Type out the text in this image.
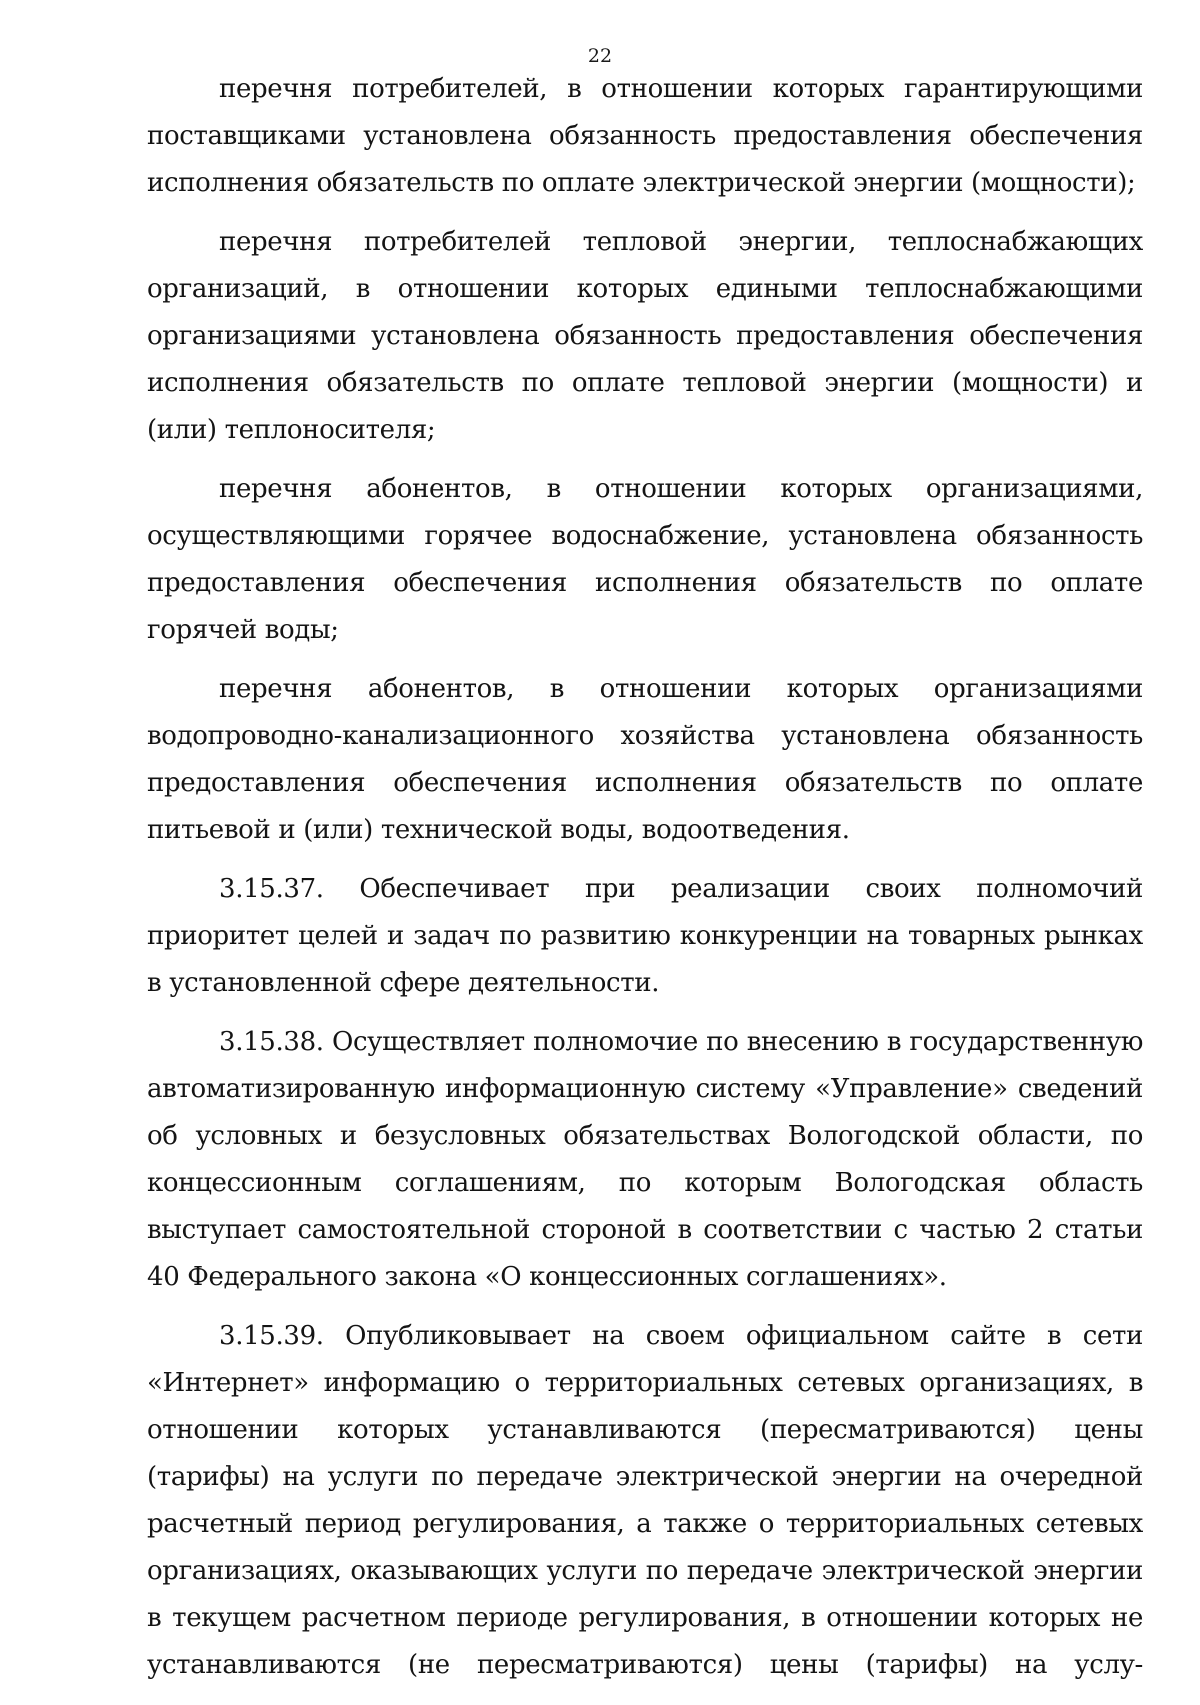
22

перечня потребителей, в отношении которых гарантирующими поставщиками установлена обязанность предоставления обеспечения исполнения обязательств по оплате электрической энергии (мощности);

перечня потребителей тепловой энергии, теплоснабжающих организаций, в отношении которых едиными теплоснабжающими организациями установлена обязанность предоставления обеспечения исполнения обязательств по оплате тепловой энергии (мощности) и (или) теплоносителя;

перечня абонентов, в отношении которых организациями, осуществляющими горячее водоснабжение, установлена обязанность предоставления обеспечения исполнения обязательств по оплате горячей воды;

перечня абонентов, в отношении которых организациями водопроводно-канализационного хозяйства установлена обязанность предоставления обеспечения исполнения обязательств по оплате питьевой и (или) технической воды, водоотведения.

3.15.37. Обеспечивает при реализации своих полномочий приоритет целей и задач по развитию конкуренции на товарных рынках в установленной сфере деятельности.

3.15.38. Осуществляет полномочие по внесению в государственную автоматизированную информационную систему «Управление» сведений об условных и безусловных обязательствах Вологодской области, по концессионным соглашениям, по которым Вологодская область выступает самостоятельной стороной в соответствии с частью 2 статьи 40 Федерального закона «О концессионных соглашениях».

3.15.39. Опубликовывает на своем официальном сайте в сети «Интернет» информацию о территориальных сетевых организациях, в отношении которых устанавливаются (пересматриваются) цены (тарифы) на услуги по передаче электрической энергии на очередной расчетный период регулирования, а также о территориальных сетевых организациях, оказывающих услуги по передаче электрической энергии в текущем расчетном периоде регулирования, в отношении которых не устанавливаются (не пересматриваются) цены (тарифы) на услу-
